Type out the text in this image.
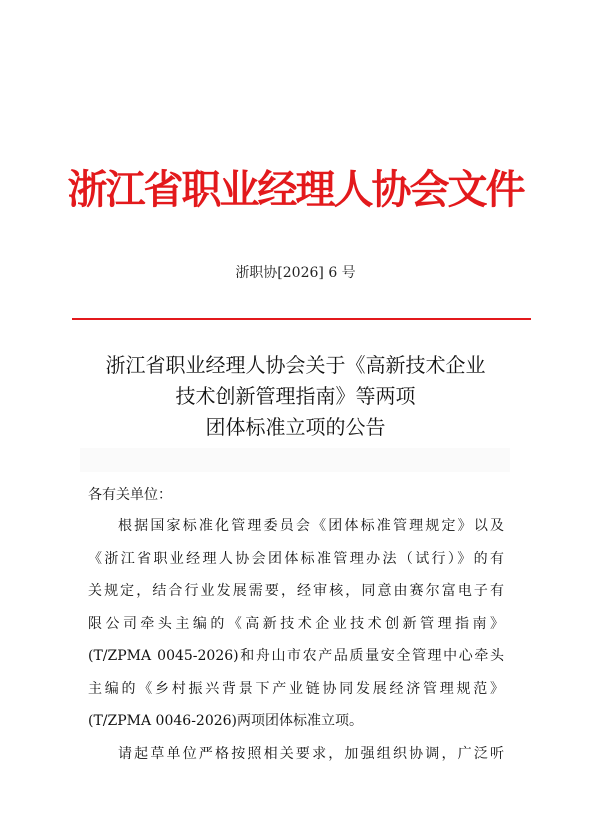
浙江省职业经理人协会文件
浙职协[2026] 6 号
浙江省职业经理人协会关于《高新技术企业
技术创新管理指南》等两项
团体标准立项的公告
各有关单位：
根据国家标准化管理委员会《团体标准管理规定》以及
《浙江省职业经理人协会团体标准管理办法（试行）》的有
关规定，结合行业发展需要，经审核，同意由赛尔富电子有
限公司牵头主编的《高新技术企业技术创新管理指南》
(T/ZPMA 0045-2026)和舟山市农产品质量安全管理中心牵头
主编的《乡村振兴背景下产业链协同发展经济管理规范》
(T/ZPMA 0046-2026)两项团体标准立项。
请起草单位严格按照相关要求，加强组织协调，广泛听
